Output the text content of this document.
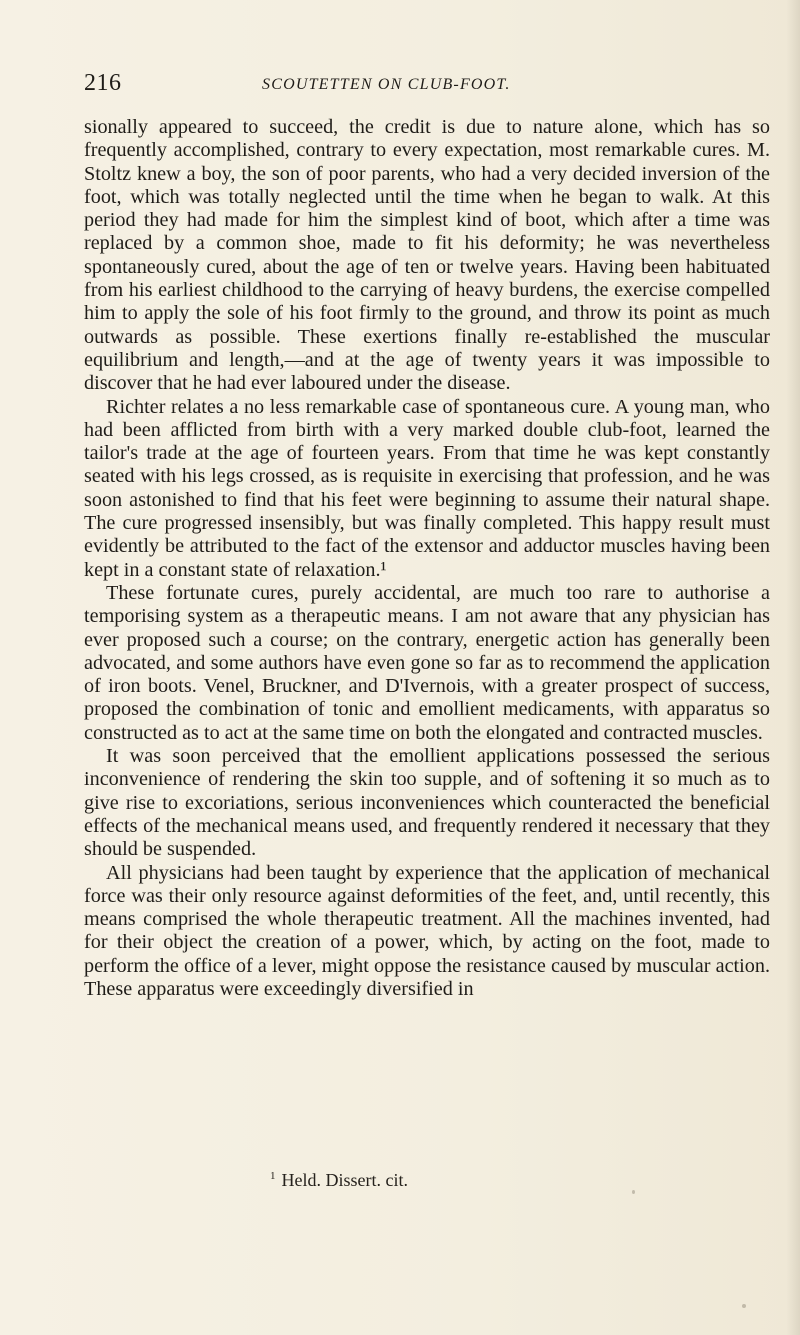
216	SCOUTETTEN ON CLUB-FOOT.

sionally appeared to succeed, the credit is due to nature alone, which has so frequently accomplished, contrary to every expectation, most remarkable cures. M. Stoltz knew a boy, the son of poor parents, who had a very decided inversion of the foot, which was totally neglected until the time when he began to walk. At this period they had made for him the simplest kind of boot, which after a time was replaced by a common shoe, made to fit his deformity; he was nevertheless spontaneously cured, about the age of ten or twelve years. Having been habituated from his earliest childhood to the carrying of heavy burdens, the exercise compelled him to apply the sole of his foot firmly to the ground, and throw its point as much outwards as possible. These exertions finally re-established the muscular equilibrium and length,—and at the age of twenty years it was impossible to discover that he had ever laboured under the disease.

Richter relates a no less remarkable case of spontaneous cure. A young man, who had been afflicted from birth with a very marked double club-foot, learned the tailor's trade at the age of fourteen years. From that time he was kept constantly seated with his legs crossed, as is requisite in exercising that profession, and he was soon astonished to find that his feet were beginning to assume their natural shape. The cure progressed insensibly, but was finally completed. This happy result must evidently be attributed to the fact of the extensor and adductor muscles having been kept in a constant state of relaxation.¹

These fortunate cures, purely accidental, are much too rare to authorise a temporising system as a therapeutic means. I am not aware that any physician has ever proposed such a course; on the contrary, energetic action has generally been advocated, and some authors have even gone so far as to recommend the application of iron boots. Venel, Bruckner, and D'Ivernois, with a greater prospect of success, proposed the combination of tonic and emollient medicaments, with apparatus so constructed as to act at the same time on both the elongated and contracted muscles.

It was soon perceived that the emollient applications possessed the serious inconvenience of rendering the skin too supple, and of softening it so much as to give rise to excoriations, serious inconveniences which counteracted the beneficial effects of the mechanical means used, and frequently rendered it necessary that they should be suspended.

All physicians had been taught by experience that the application of mechanical force was their only resource against deformities of the feet, and, until recently, this means comprised the whole therapeutic treatment. All the machines invented, had for their object the creation of a power, which, by acting on the foot, made to perform the office of a lever, might oppose the resistance caused by muscular action. These apparatus were exceedingly diversified in

$^1$ Held. Dissert. cit.
